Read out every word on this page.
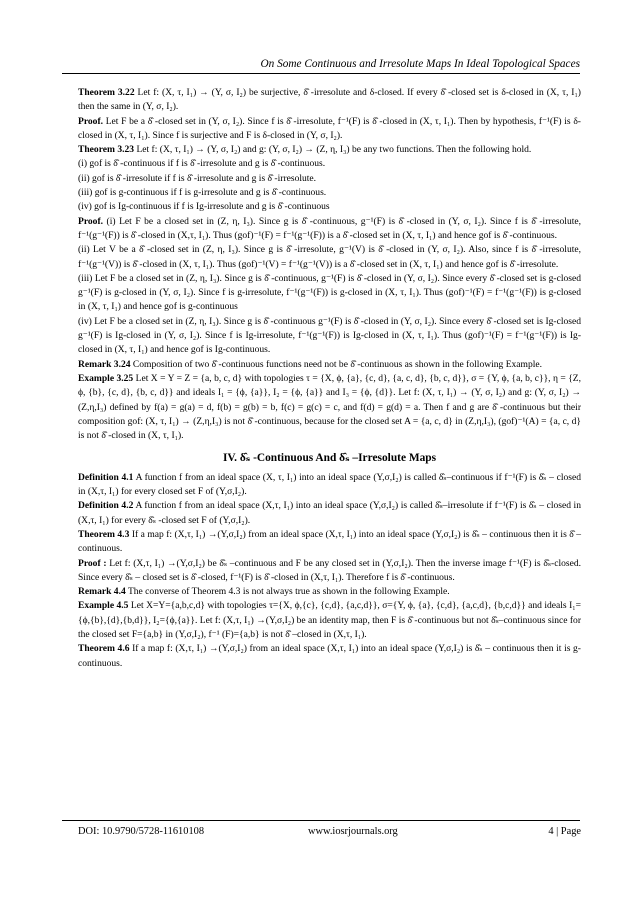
On Some Continuous and Irresolute Maps In Ideal Topological Spaces

Theorem 3.22 Let f: (X, τ, I₁) → (Y, σ, I₂) be surjective, δ̂ -irresolute and δ-closed. If every δ̂ -closed set is δ-closed in (X, τ, I₁) then the same in (Y, σ, I₂).

Proof. Let F be a δ̂ -closed set in (Y, σ, I₂). Since f is δ̂ -irresolute, f⁻¹(F) is δ̂ -closed in (X, τ, I₁). Then by hypothesis, f⁻¹(F) is δ-closed in (X, τ, I₁). Since f is surjective and F is δ-closed in (Y, σ, I₂).

Theorem 3.23 Let f: (X, τ, I₁) → (Y, σ, I₂) and g: (Y, σ, I₂) → (Z, η, I₃) be any two functions. Then the following hold.

(i) gof is δ̂ -continuous if f is δ̂ -irresolute and g is δ̂ -continuous.

(ii) gof is δ̂ -irresolute if f is δ̂ -irresolute and g is δ̂ -irresolute.

(iii) gof is g-continuous if f is g-irresolute and g is δ̂ -continuous.

(iv) gof is Ig-continuous if f is Ig-irresolute and g is δ̂ -continuous

Proof. (i) Let F be a closed set in (Z, η, I₃). Since g is δ̂ -continuous, g⁻¹(F) is δ̂ -closed in (Y, σ, I₂). Since f is δ̂ -irresolute, f⁻¹(g⁻¹(F)) is δ̂ -closed in (X,τ, I₁). Thus (gof)⁻¹(F) = f⁻¹(g⁻¹(F)) is a δ̂ -closed set in (X, τ, I₁) and hence gof is δ̂ -continuous.

(ii) Let V be a δ̂ -closed set in (Z, η, I₃). Since g is δ̂ -irresolute, g⁻¹(V) is δ̂ -closed in (Y, σ, I₂). Also, since f is δ̂ -irresolute, f⁻¹(g⁻¹(V)) is δ̂ -closed in (X, τ, I₁). Thus (gof)⁻¹(V) = f⁻¹(g⁻¹(V)) is a δ̂ -closed set in (X, τ, I₁) and hence gof is δ̂ -irresolute.

(iii) Let F be a closed set in (Z, η, I₃). Since g is δ̂ -continuous, g⁻¹(F) is δ̂ -closed in (Y, σ, I₂). Since every δ̂ -closed set is g-closed g⁻¹(F) is g-closed in (Y, σ, I₂). Since f is g-irresolute, f⁻¹(g⁻¹(F)) is g-closed in (X, τ, I₁). Thus (gof)⁻¹(F) = f⁻¹(g⁻¹(F)) is g-closed in (X, τ, I₁) and hence gof is g-continuous

(iv) Let F be a closed set in (Z, η, I₃). Since g is δ̂ -continuous g⁻¹(F) is δ̂ -closed in (Y, σ, I₂). Since every δ̂ -closed set is Ig-closed g⁻¹(F) is Ig-closed in (Y, σ, I₂). Since f is Ig-irresolute, f⁻¹(g⁻¹(F)) is Ig-closed in (X, τ, I₁). Thus (gof)⁻¹(F) = f⁻¹(g⁻¹(F)) is Ig-closed in (X, τ, I₁) and hence gof is Ig-continuous.

Remark 3.24 Composition of two δ̂ -continuous functions need not be δ̂ -continuous as shown in the following Example.

Example 3.25 Let X = Y = Z = {a, b, c, d} with topologies τ = {X, ϕ, {a}, {c, d}, {a, c, d}, {b, c, d}}, σ = {Y, ϕ, {a, b, c}}, η = {Z, ϕ, {b}, {c, d}, {b, c, d}} and ideals I₁ = {ϕ, {a}}, I₂ = {ϕ, {a}} and I₃ = {ϕ, {d}}. Let f: (X, τ, I₁) → (Y, σ, I₂) and g: (Y, σ, I₂) → (Z,η,I₃) defined by f(a) = g(a) = d, f(b) = g(b) = b, f(c) = g(c) = c, and f(d) = g(d) = a. Then f and g are δ̂ -continuous but their composition gof: (X, τ, I₁) → (Z,η,I₃) is not δ̂ -continuous, because for the closed set A = {a, c, d} in (Z,η,I₃), (gof)⁻¹(A) = {a, c, d} is not δ̂ -closed in (X, τ, I₁).

IV. δ̂ₛ -Continuous And δ̂ₛ –Irresolute Maps

Definition 4.1 A function f from an ideal space (X, τ, I₁) into an ideal space (Y,σ,I₂) is called δ̂ₛ–continuous if f⁻¹(F) is δ̂ₛ – closed in (X,τ, I₁) for every closed set F of (Y,σ,I₂).

Definition 4.2 A function f from an ideal space (X,τ, I₁) into an ideal space (Y,σ,I₂) is called δ̂ₛ–irresolute if f⁻¹(F) is δ̂ₛ – closed in (X,τ, I₁) for every δ̂ₛ -closed set F of (Y,σ,I₂).

Theorem 4.3 If a map f: (X,τ, I₁) →(Y,σ,I₂) from an ideal space (X,τ, I₁) into an ideal space (Y,σ,I₂) is δ̂ₛ – continuous then it is δ̂ –continuous.

Proof : Let f: (X,τ, I₁) →(Y,σ,I₂) be δ̂ₛ –continuous and F be any closed set in (Y,σ,I₂). Then the inverse image f⁻¹(F) is δ̂ₛ-closed. Since every δ̂ₛ – closed set is δ̂ -closed, f⁻¹(F) is δ̂ -closed in (X,τ, I₁). Therefore f is δ̂ -continuous.

Remark 4.4 The converse of Theorem 4.3 is not always true as shown in the following Example.

Example 4.5 Let X=Y={a,b,c,d} with topologies τ={X, ϕ,{c}, {c,d}, {a,c,d}}, σ={Y, ϕ, {a}, {c,d}, {a,c,d}, {b,c,d}} and ideals I₁={ϕ,{b},{d},{b,d}}, I₂={ϕ,{a}}. Let f: (X,τ, I₁) →(Y,σ,I₂) be an identity map, then F is δ̂ -continuous but not δ̂ₛ–continuous since for the closed set F={a,b} in (Y,σ,I₂), f⁻¹ (F)={a,b} is not δ̂ –closed in (X,τ, I₁).

Theorem 4.6 If a map f: (X,τ, I₁) →(Y,σ,I₂) from an ideal space (X,τ, I₁) into an ideal space (Y,σ,I₂) is δ̂ₛ – continuous then it is g-continuous.

DOI: 10.9790/5728-11610108	www.iosrjournals.org	4 | Page
